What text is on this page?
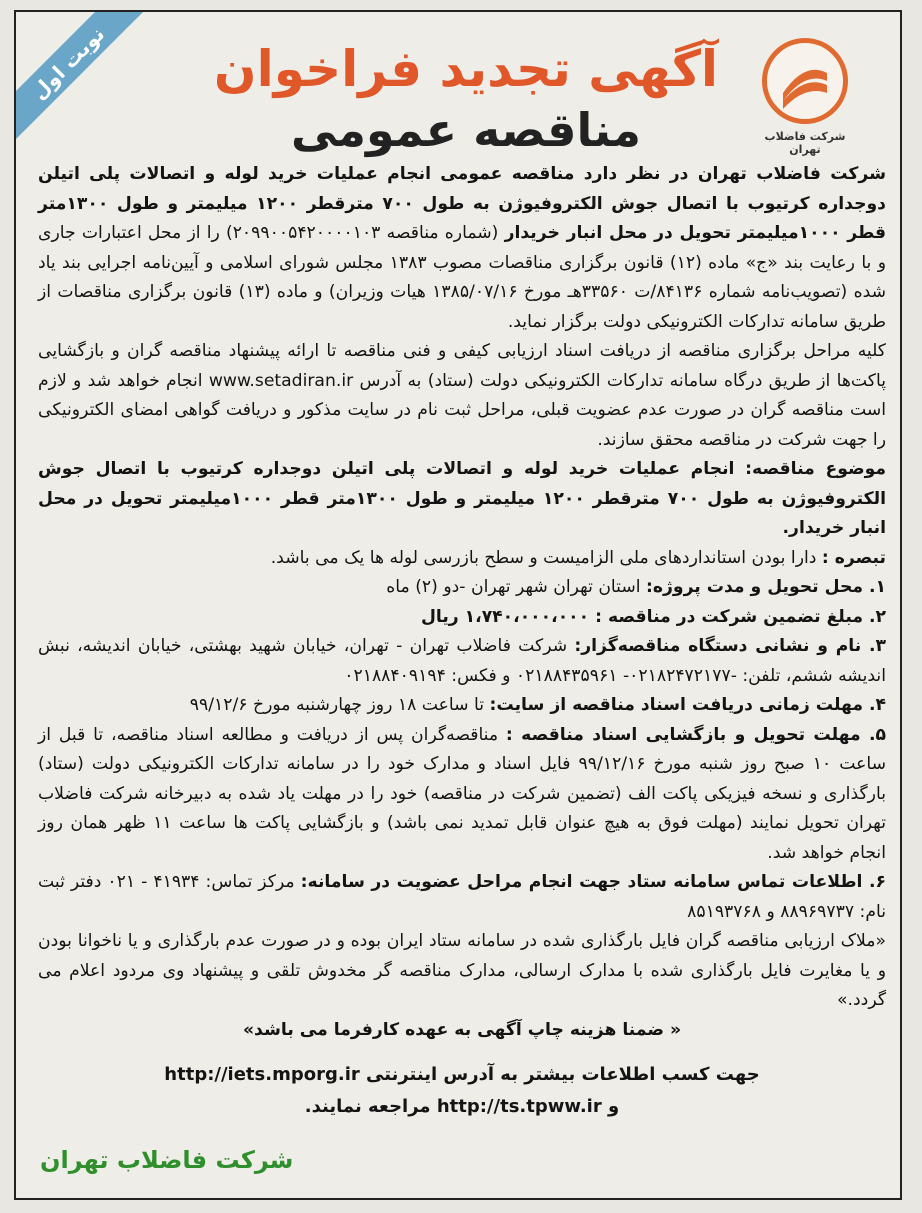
نوبت اول
شرکت فاضلاب تهران
آگهی تجدید فراخوان
مناقصه عمومی

شرکت فاضلاب تهران در نظر دارد مناقصه عمومی انجام عملیات خرید لوله و اتصالات پلی اتیلن دوجداره کرتیوب با اتصال جوش الکتروفیوژن به طول ۷۰۰ مترقطر ۱۲۰۰ میلیمتر و طول ۱۳۰۰متر قطر ۱۰۰۰میلیمتر تحویل در محل انبار خریدار (شماره مناقصه ۲۰۹۹۰۰۵۴۲۰۰۰۰۱۰۳) را از محل اعتبارات جاری و با رعایت بند «ج» ماده (۱۲) قانون برگزاری مناقصات مصوب ۱۳۸۳ مجلس شورای اسلامی و آیین‌نامه اجرایی بند یاد شده (تصویب‌نامه شماره ۸۴۱۳۶/ت ۳۳۵۶۰هـ مورخ ۱۳۸۵/۰۷/۱۶ هیات وزیران) و ماده (۱۳) قانون برگزاری مناقصات از طریق سامانه تدارکات الکترونیکی دولت برگزار نماید.

کلیه مراحل برگزاری مناقصه از دریافت اسناد ارزیابی کیفی و فنی مناقصه تا ارائه پیشنهاد مناقصه گران و بازگشایی پاکت‌ها از طریق درگاه سامانه تدارکات الکترونیکی دولت (ستاد) به آدرس www.setadiran.ir انجام خواهد شد و لازم است مناقصه گران در صورت عدم عضویت قبلی، مراحل ثبت نام در سایت مذکور و دریافت گواهی امضای الکترونیکی را جهت شرکت در مناقصه محقق سازند.

موضوع مناقصه: انجام عملیات خرید لوله و اتصالات پلی اتیلن دوجداره کرتیوب با اتصال جوش الکتروفیوژن به طول ۷۰۰ مترقطر ۱۲۰۰ میلیمتر و طول ۱۳۰۰متر قطر ۱۰۰۰میلیمتر تحویل در محل انبار خریدار.

تبصره : دارا بودن استانداردهای ملی الزامیست و سطح بازرسی لوله ها یک می باشد.

۱. محل تحویل و مدت پروژه: استان تهران شهر تهران -دو (۲) ماه

۲. مبلغ تضمین شرکت در مناقصه : ۱،۷۴۰،۰۰۰،۰۰۰ ریال

۳. نام و نشانی دستگاه مناقصه‌گزار: شرکت فاضلاب تهران - تهران، خیابان شهید بهشتی، خیابان اندیشه، نبش اندیشه ششم، تلفن: -۰۲۱۸۲۴۷۲۱۷۷- ۰۲۱۸۸۴۳۵۹۶۱ و فکس: ۰۲۱۸۸۴۰۹۱۹۴

۴. مهلت زمانی دریافت اسناد مناقصه از سایت: تا ساعت ۱۸ روز چهارشنبه مورخ ۹۹/۱۲/۶

۵. مهلت تحویل و بازگشایی اسناد مناقصه : مناقصه‌گران پس از دریافت و مطالعه اسناد مناقصه، تا قبل از ساعت ۱۰ صبح روز شنبه مورخ ۹۹/۱۲/۱۶ فایل اسناد و مدارک خود را در سامانه تدارکات الکترونیکی دولت (ستاد) بارگذاری و نسخه فیزیکی پاکت الف (تضمین شرکت در مناقصه) خود را در مهلت یاد شده به دبیرخانه شرکت فاضلاب تهران تحویل نمایند (مهلت فوق به هیچ عنوان قابل تمدید نمی باشد) و بازگشایی پاکت ها ساعت ۱۱ ظهر همان روز انجام خواهد شد.

۶. اطلاعات تماس سامانه ستاد جهت انجام مراحل عضویت در سامانه: مرکز تماس: ۴۱۹۳۴ - ۰۲۱ دفتر ثبت نام: ۸۸۹۶۹۷۳۷ و ۸۵۱۹۳۷۶۸

«ملاک ارزیابی مناقصه گران فایل بارگذاری شده در سامانه ستاد ایران بوده و در صورت عدم بارگذاری و یا ناخوانا بودن و یا مغایرت فایل بارگذاری شده با مدارک ارسالی، مدارک مناقصه گر مخدوش تلقی و پیشنهاد وی مردود اعلام می گردد.»

« ضمنا هزینه چاپ آگهی به عهده کارفرما می باشد»

جهت کسب اطلاعات بیشتر به آدرس اینترنتی http://iets.mporg.ir
و http://ts.tpww.ir مراجعه نمایند.
شرکت فاضلاب تهران
